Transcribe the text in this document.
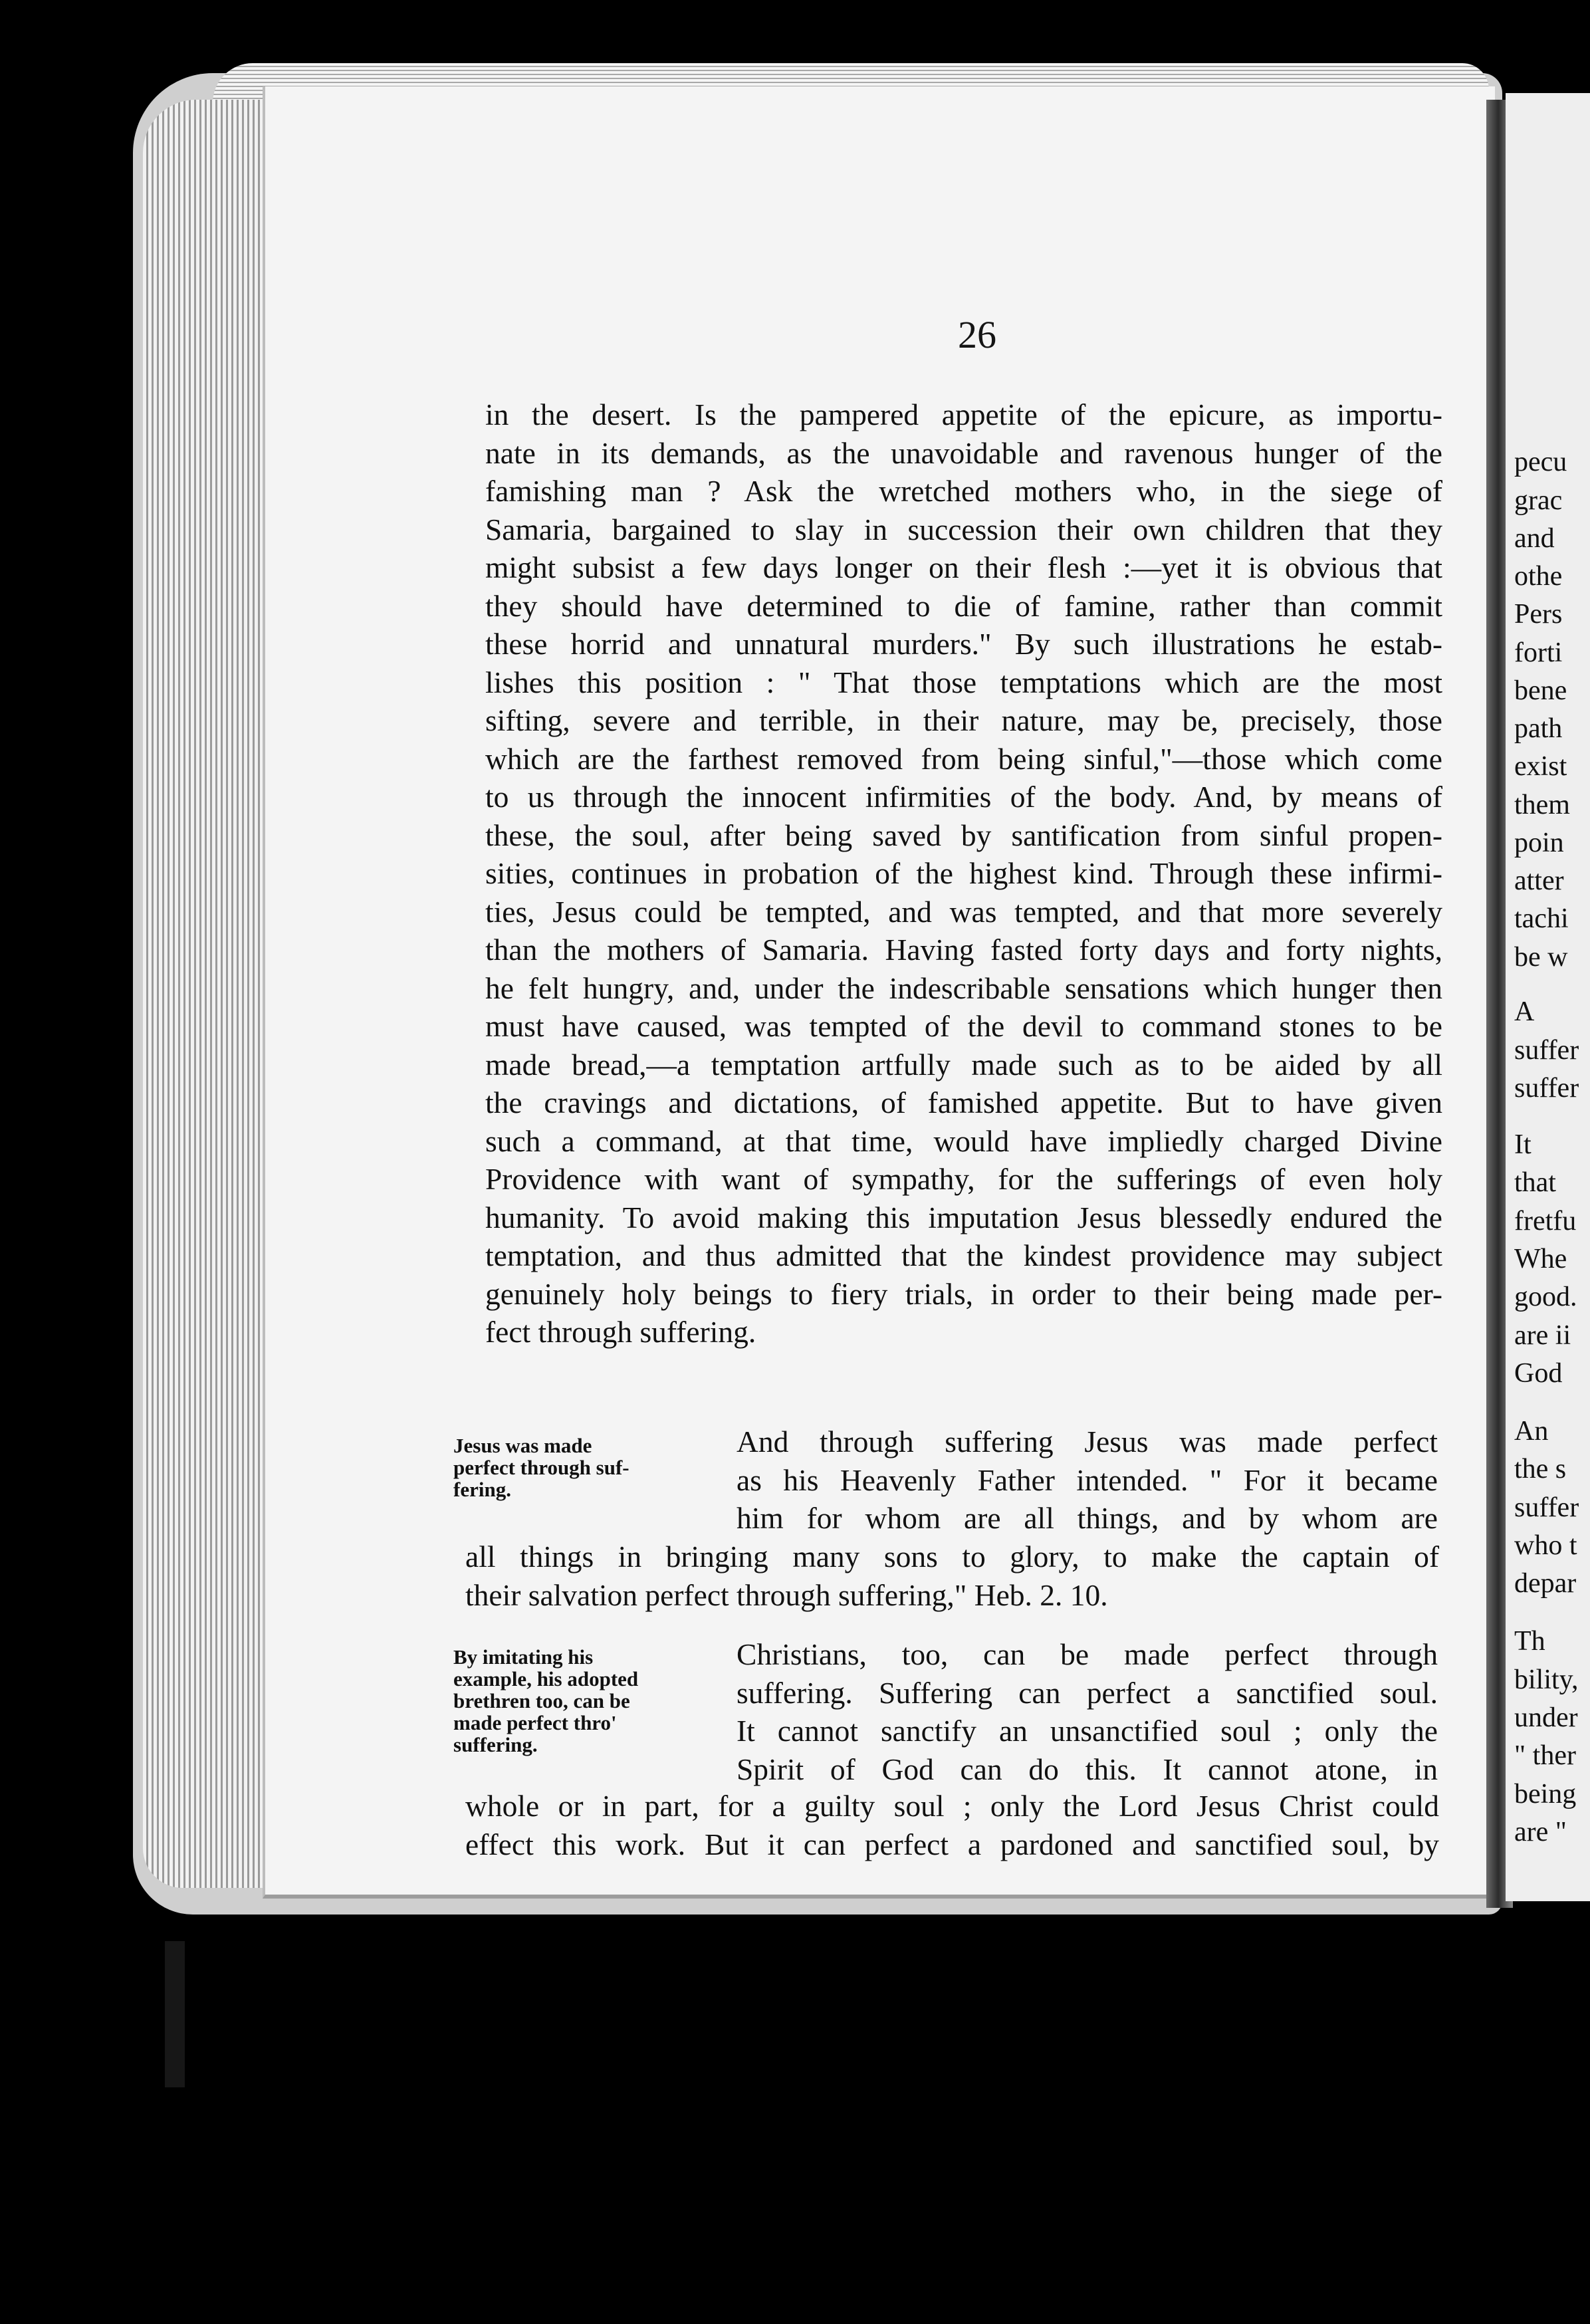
26
in the desert. Is the pampered appetite of the epicure, as importu-
nate in its demands, as the unavoidable and ravenous hunger of the
famishing man ? Ask the wretched mothers who, in the siege of
Samaria, bargained to slay in succession their own children that they
might subsist a few days longer on their flesh :—yet it is obvious that
they should have determined to die of famine, rather than commit
these horrid and unnatural murders." By such illustrations he estab-
lishes this position : " That those temptations which are the most
sifting, severe and terrible, in their nature, may be, precisely, those
which are the farthest removed from being sinful,"—those which come
to us through the innocent infirmities of the body. And, by means of
these, the soul, after being saved by santification from sinful propen-
sities, continues in probation of the highest kind. Through these infirmi-
ties, Jesus could be tempted, and was tempted, and that more severely
than the mothers of Samaria. Having fasted forty days and forty nights,
he felt hungry, and, under the indescribable sensations which hunger then
must have caused, was tempted of the devil to command stones to be
made bread,—a temptation artfully made such as to be aided by all
the cravings and dictations, of famished appetite. But to have given
such a command, at that time, would have impliedly charged Divine
Providence with want of sympathy, for the sufferings of even holy
humanity. To avoid making this imputation Jesus blessedly endured the
temptation, and thus admitted that the kindest providence may subject
genuinely holy beings to fiery trials, in order to their being made per-
fect through suffering.
Jesus was made
perfect through suf-
fering.
And through suffering Jesus was made perfect
as his Heavenly Father intended. " For it became
him for whom are all things, and by whom are
all things in bringing many sons to glory, to make the captain of
their salvation perfect through suffering," Heb. 2. 10.
By imitating his
example, his adopted
brethren too, can be
made perfect thro'
suffering.
Christians, too, can be made perfect through
suffering. Suffering can perfect a sanctified soul.
It cannot sanctify an unsanctified soul ; only the
Spirit of God can do this. It cannot atone, in
whole or in part, for a guilty soul ; only the Lord Jesus Christ could
effect this work. But it can perfect a pardoned and sanctified soul, by
pecu
grac
and
othe
Pers
forti
bene
path
exist
them
poin
atter
tachi
be w
A
suffer
suffer
It
that
fretfu
Whe
good.
are ii
God
An
the s
suffer
who t
depar
Th
bility,
under
" ther
being
are "
